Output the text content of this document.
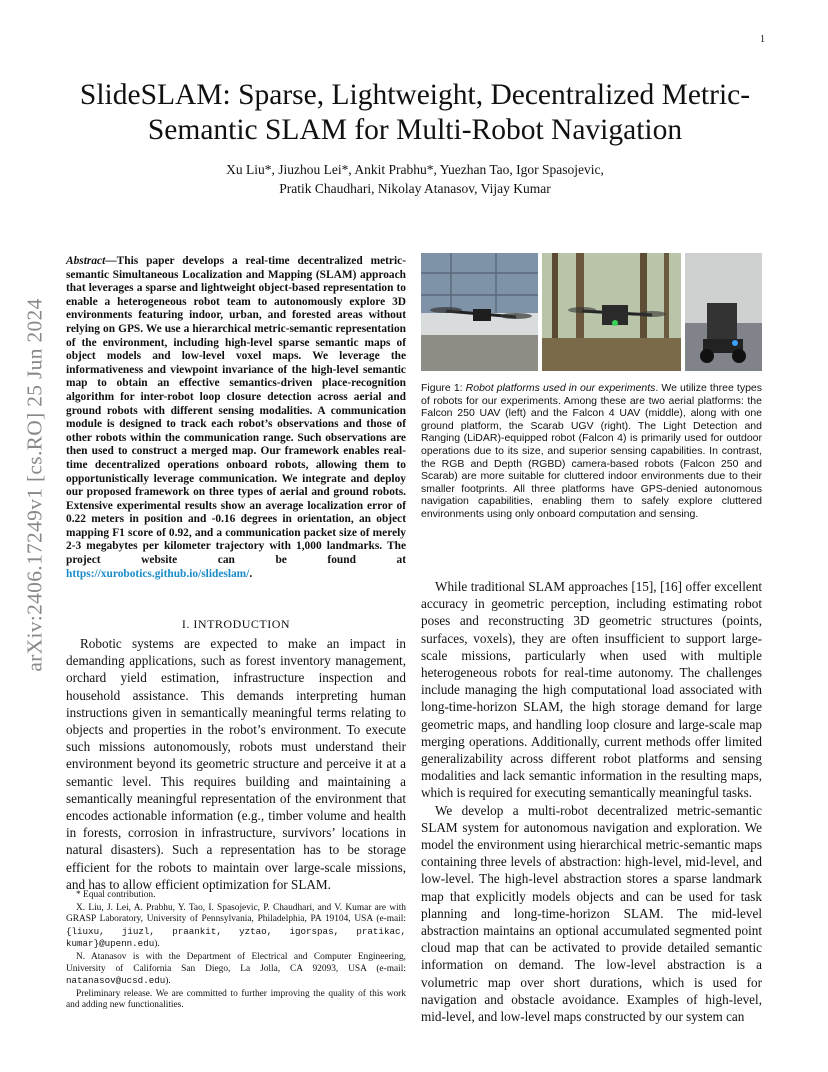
1
arXiv:2406.17249v1 [cs.RO] 25 Jun 2024
SlideSLAM: Sparse, Lightweight, Decentralized Metric-Semantic SLAM for Multi-Robot Navigation
Xu Liu*, Jiuzhou Lei*, Ankit Prabhu*, Yuezhan Tao, Igor Spasojevic,
Pratik Chaudhari, Nikolay Atanasov, Vijay Kumar
Abstract—This paper develops a real-time decentralized metric-semantic Simultaneous Localization and Mapping (SLAM) approach that leverages a sparse and lightweight object-based representation to enable a heterogeneous robot team to autonomously explore 3D environments featuring indoor, urban, and forested areas without relying on GPS. We use a hierarchical metric-semantic representation of the environment, including high-level sparse semantic maps of object models and low-level voxel maps. We leverage the informativeness and viewpoint invariance of the high-level semantic map to obtain an effective semantics-driven place-recognition algorithm for inter-robot loop closure detection across aerial and ground robots with different sensing modalities. A communication module is designed to track each robot’s observations and those of other robots within the communication range. Such observations are then used to construct a merged map. Our framework enables real-time decentralized operations onboard robots, allowing them to opportunistically leverage communication. We integrate and deploy our proposed framework on three types of aerial and ground robots. Extensive experimental results show an average localization error of 0.22 meters in position and -0.16 degrees in orientation, an object mapping F1 score of 0.92, and a communication packet size of merely 2-3 megabytes per kilometer trajectory with 1,000 landmarks. The project website can be found at https://xurobotics.github.io/slideslam/.
I. INTRODUCTION

Robotic systems are expected to make an impact in demanding applications, such as forest inventory management, orchard yield estimation, infrastructure inspection and household assistance. This demands interpreting human instructions given in semantically meaningful terms relating to objects and properties in the robot’s environment. To execute such missions autonomously, robots must understand their environment beyond its geometric structure and perceive it at a semantic level. This requires building and maintaining a semantically meaningful representation of the environment that encodes actionable information (e.g., timber volume and health in forests, corrosion in infrastructure, survivors’ locations in natural disasters). Such a representation has to be storage efficient for the robots to maintain over large-scale missions, and has to allow efficient optimization for SLAM.

* Equal contribution.

X. Liu, J. Lei, A. Prabhu, Y. Tao, I. Spasojevic, P. Chaudhari, and V. Kumar are with GRASP Laboratory, University of Pennsylvania, Philadelphia, PA 19104, USA (e-mail: {liuxu, jiuzl, praankit, yztao, igorspas, pratikac, kumar}@upenn.edu).

N. Atanasov is with the Department of Electrical and Computer Engineering, University of California San Diego, La Jolla, CA 92093, USA (e-mail: natanasov@ucsd.edu).

Preliminary release. We are committed to further improving the quality of this work and adding new functionalities.

Figure 1: Robot platforms used in our experiments. We utilize three types of robots for our experiments. Among these are two aerial platforms: the Falcon 250 UAV (left) and the Falcon 4 UAV (middle), along with one ground platform, the Scarab UGV (right). The Light Detection and Ranging (LiDAR)-equipped robot (Falcon 4) is primarily used for outdoor operations due to its size, and superior sensing capabilities. In contrast, the RGB and Depth (RGBD) camera-based robots (Falcon 250 and Scarab) are more suitable for cluttered indoor environments due to their smaller footprints. All three platforms have GPS-denied autonomous navigation capabilities, enabling them to safely explore cluttered environments using only onboard computation and sensing.

While traditional SLAM approaches [15], [16] offer excellent accuracy in geometric perception, including estimating robot poses and reconstructing 3D geometric structures (points, surfaces, voxels), they are often insufficient to support large-scale missions, particularly when used with multiple heterogeneous robots for real-time autonomy. The challenges include managing the high computational load associated with long-time-horizon SLAM, the high storage demand for large geometric maps, and handling loop closure and large-scale map merging operations. Additionally, current methods offer limited generalizability across different robot platforms and sensing modalities and lack semantic information in the resulting maps, which is required for executing semantically meaningful tasks.

We develop a multi-robot decentralized metric-semantic SLAM system for autonomous navigation and exploration. We model the environment using hierarchical metric-semantic maps containing three levels of abstraction: high-level, mid-level, and low-level. The high-level abstraction stores a sparse landmark map that explicitly models objects and can be used for task planning and long-time-horizon SLAM. The mid-level abstraction maintains an optional accumulated segmented point cloud map that can be activated to provide detailed semantic information on demand. The low-level abstraction is a volumetric map over short durations, which is used for navigation and obstacle avoidance. Examples of high-level, mid-level, and low-level maps constructed by our system can
